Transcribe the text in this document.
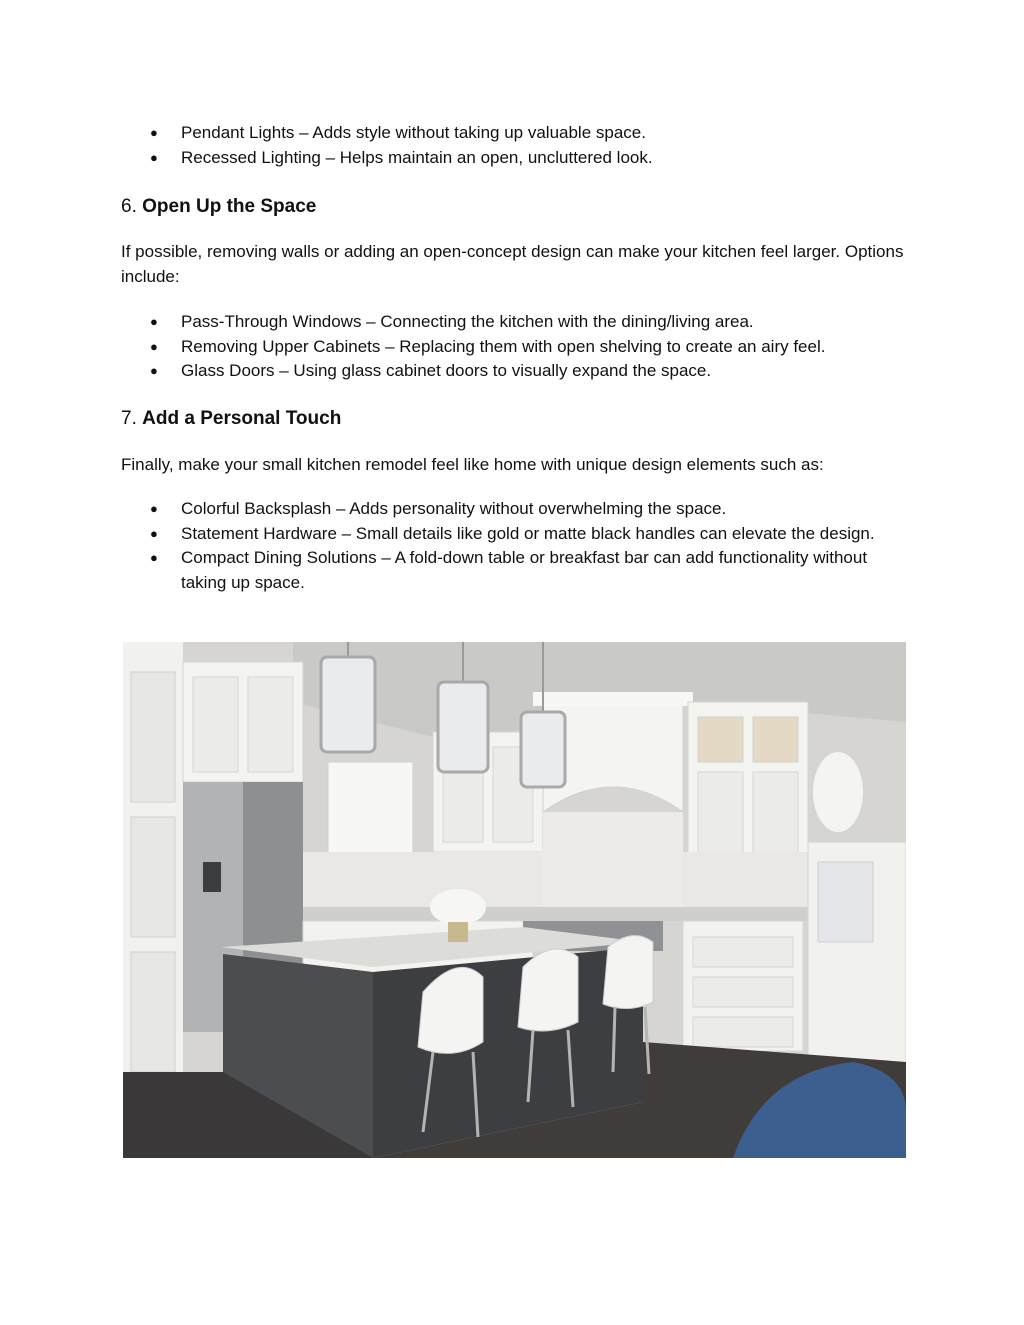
● Pendant Lights – Adds style without taking up valuable space.
● Recessed Lighting – Helps maintain an open, uncluttered look.
6. Open Up the Space
If possible, removing walls or adding an open-concept design can make your kitchen feel larger. Options include:
● Pass-Through Windows – Connecting the kitchen with the dining/living area.
● Removing Upper Cabinets – Replacing them with open shelving to create an airy feel.
● Glass Doors – Using glass cabinet doors to visually expand the space.
7. Add a Personal Touch
Finally, make your small kitchen remodel feel like home with unique design elements such as:
● Colorful Backsplash – Adds personality without overwhelming the space.
● Statement Hardware – Small details like gold or matte black handles can elevate the design.
● Compact Dining Solutions – A fold-down table or breakfast bar can add functionality without taking up space.
